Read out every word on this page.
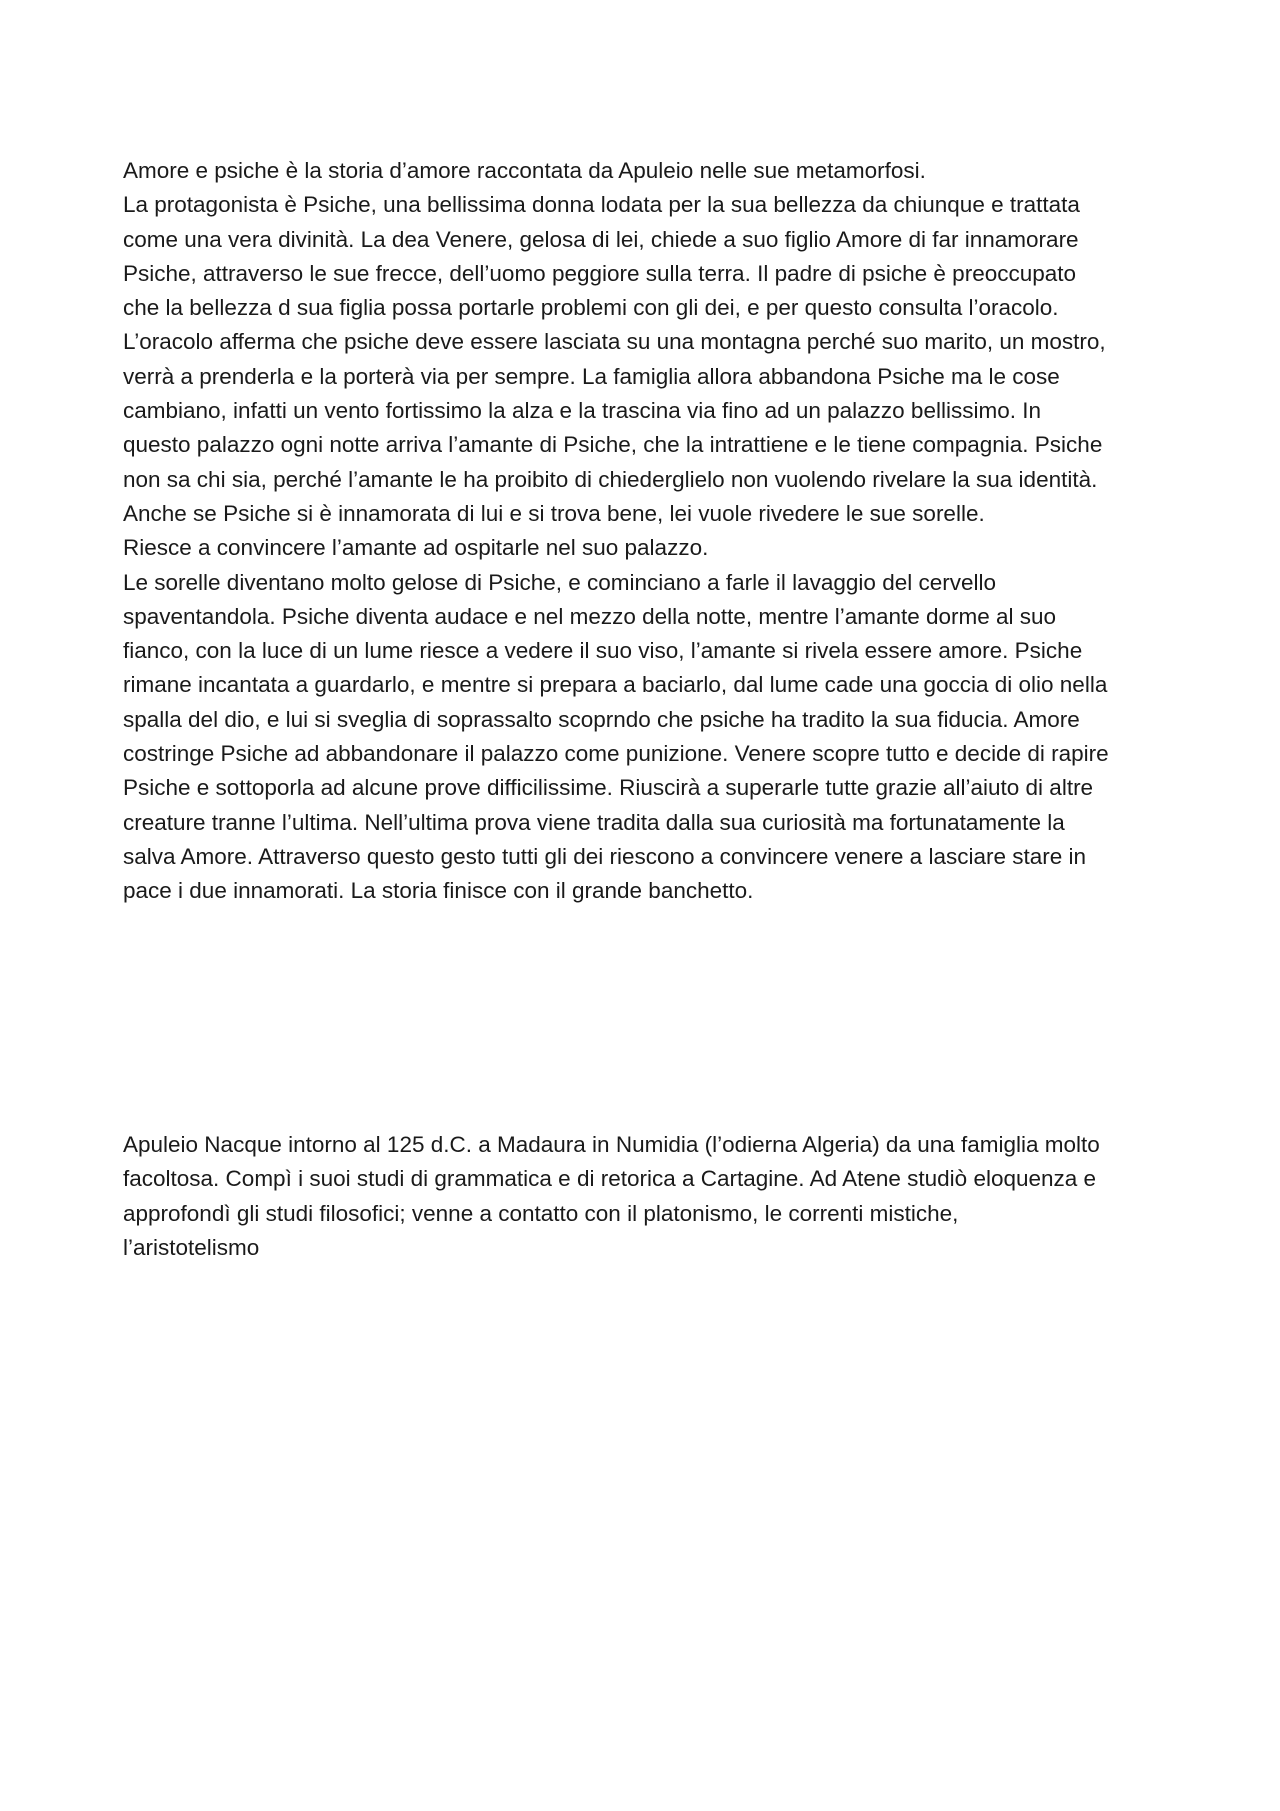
Amore e psiche è la storia d’amore raccontata da Apuleio nelle sue metamorfosi.

La protagonista è Psiche, una bellissima donna lodata per la sua bellezza da chiunque e trattata

come una vera divinità. La dea Venere, gelosa di lei, chiede a suo figlio Amore di far innamorare

Psiche, attraverso le sue frecce, dell’uomo peggiore sulla terra. Il padre di psiche è preoccupato

che la bellezza d sua figlia possa portarle problemi con gli dei, e per questo consulta l’oracolo.

L’oracolo afferma che psiche deve essere lasciata su una montagna perché suo marito, un mostro,

verrà a prenderla e la porterà via per sempre. La famiglia allora abbandona Psiche ma le cose

cambiano, infatti un vento fortissimo la alza e la trascina via fino ad un palazzo bellissimo. In

questo palazzo ogni notte arriva l’amante di Psiche, che la intrattiene e le tiene compagnia. Psiche

non sa chi sia, perché l’amante le ha proibito di chiederglielo non vuolendo rivelare la sua identità.

Anche se Psiche si è innamorata di lui e si trova bene, lei vuole rivedere le sue sorelle.

Riesce a convincere l’amante ad ospitarle nel suo palazzo.

Le sorelle diventano molto gelose di Psiche, e cominciano a farle il lavaggio del cervello

spaventandola. Psiche diventa audace e nel mezzo della notte, mentre l’amante dorme al suo

fianco, con la luce di un lume riesce a vedere il suo viso, l’amante si rivela essere amore. Psiche

rimane incantata a guardarlo, e mentre si prepara a baciarlo, dal lume cade una goccia di olio nella

spalla del dio, e lui si sveglia di soprassalto scoprndo che psiche ha tradito la sua fiducia. Amore

costringe Psiche ad abbandonare il palazzo come punizione. Venere scopre tutto e decide di rapire

Psiche e sottoporla ad alcune prove difficilissime. Riuscirà a superarle tutte grazie all’aiuto di altre

creature tranne l’ultima. Nell’ultima prova viene tradita dalla sua curiosità ma fortunatamente la

salva Amore. Attraverso questo gesto tutti gli dei riescono a convincere venere a lasciare stare in

pace i due innamorati. La storia finisce con il grande banchetto.

Apuleio Nacque intorno al 125 d.C. a Madaura in Numidia (l’odierna Algeria) da una famiglia molto

facoltosa. Compì i suoi studi di grammatica e di retorica a Cartagine. Ad Atene studiò eloquenza e

approfondì gli studi filosofici; venne a contatto con il platonismo, le correnti mistiche,

l’aristotelismo
